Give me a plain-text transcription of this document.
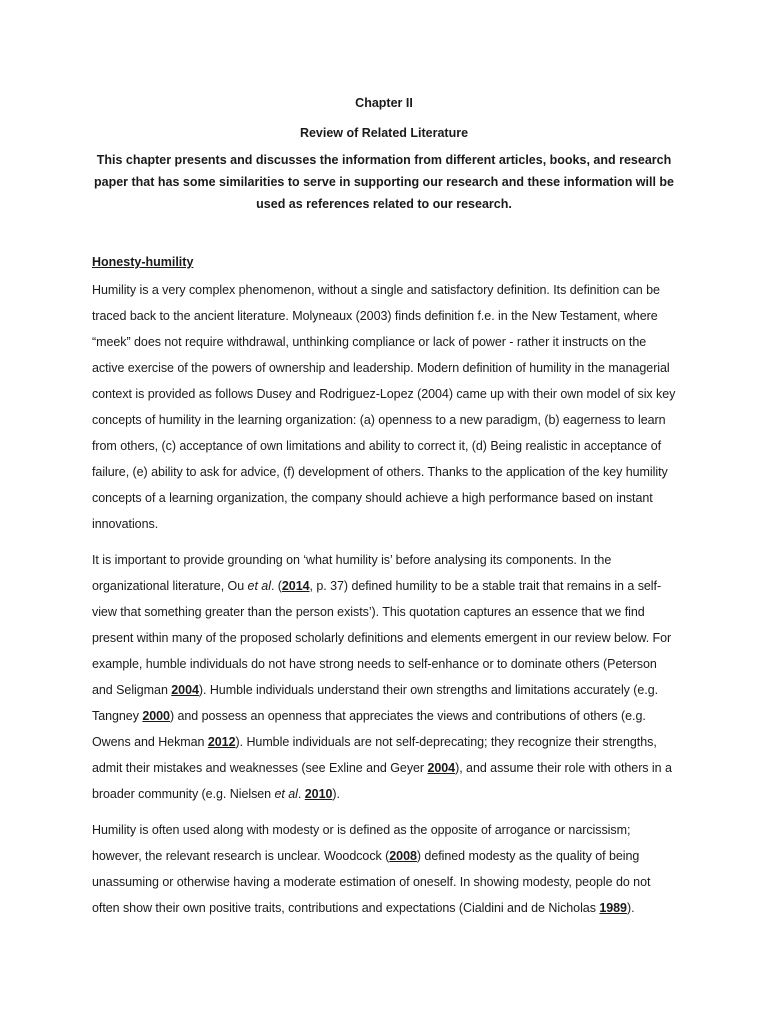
Chapter II

Review of Related Literature

This chapter presents and discusses the information from different articles, books, and research paper that has some similarities to serve in supporting our research and these information will be used as references related to our research.

Honesty-humility

Humility is a very complex phenomenon, without a single and satisfactory definition. Its definition can be traced back to the ancient literature. Molyneaux (2003) finds definition f.e. in the New Testament, where “meek” does not require withdrawal, unthinking compliance or lack of power - rather it instructs on the active exercise of the powers of ownership and leadership. Modern definition of humility in the managerial context is provided as follows Dusey and Rodriguez-Lopez (2004) came up with their own model of six key concepts of humility in the learning organization: (a) openness to a new paradigm, (b) eagerness to learn from others, (c) acceptance of own limitations and ability to correct it, (d) Being realistic in acceptance of failure, (e) ability to ask for advice, (f) development of others. Thanks to the application of the key humility concepts of a learning organization, the company should achieve a high performance based on instant innovations.

It is important to provide grounding on ‘what humility is’ before analysing its components. In the organizational literature, Ou et al. (2014, p. 37) defined humility to be a stable trait that remains in a self-view that something greater than the person exists’). This quotation captures an essence that we find present within many of the proposed scholarly definitions and elements emergent in our review below. For example, humble individuals do not have strong needs to self-enhance or to dominate others (Peterson and Seligman 2004). Humble individuals understand their own strengths and limitations accurately (e.g. Tangney 2000) and possess an openness that appreciates the views and contributions of others (e.g. Owens and Hekman 2012). Humble individuals are not self-deprecating; they recognize their strengths, admit their mistakes and weaknesses (see Exline and Geyer 2004), and assume their role with others in a broader community (e.g. Nielsen et al. 2010).

Humility is often used along with modesty or is defined as the opposite of arrogance or narcissism; however, the relevant research is unclear. Woodcock (2008) defined modesty as the quality of being unassuming or otherwise having a moderate estimation of oneself. In showing modesty, people do not often show their own positive traits, contributions and expectations (Cialdini and de Nicholas 1989).
